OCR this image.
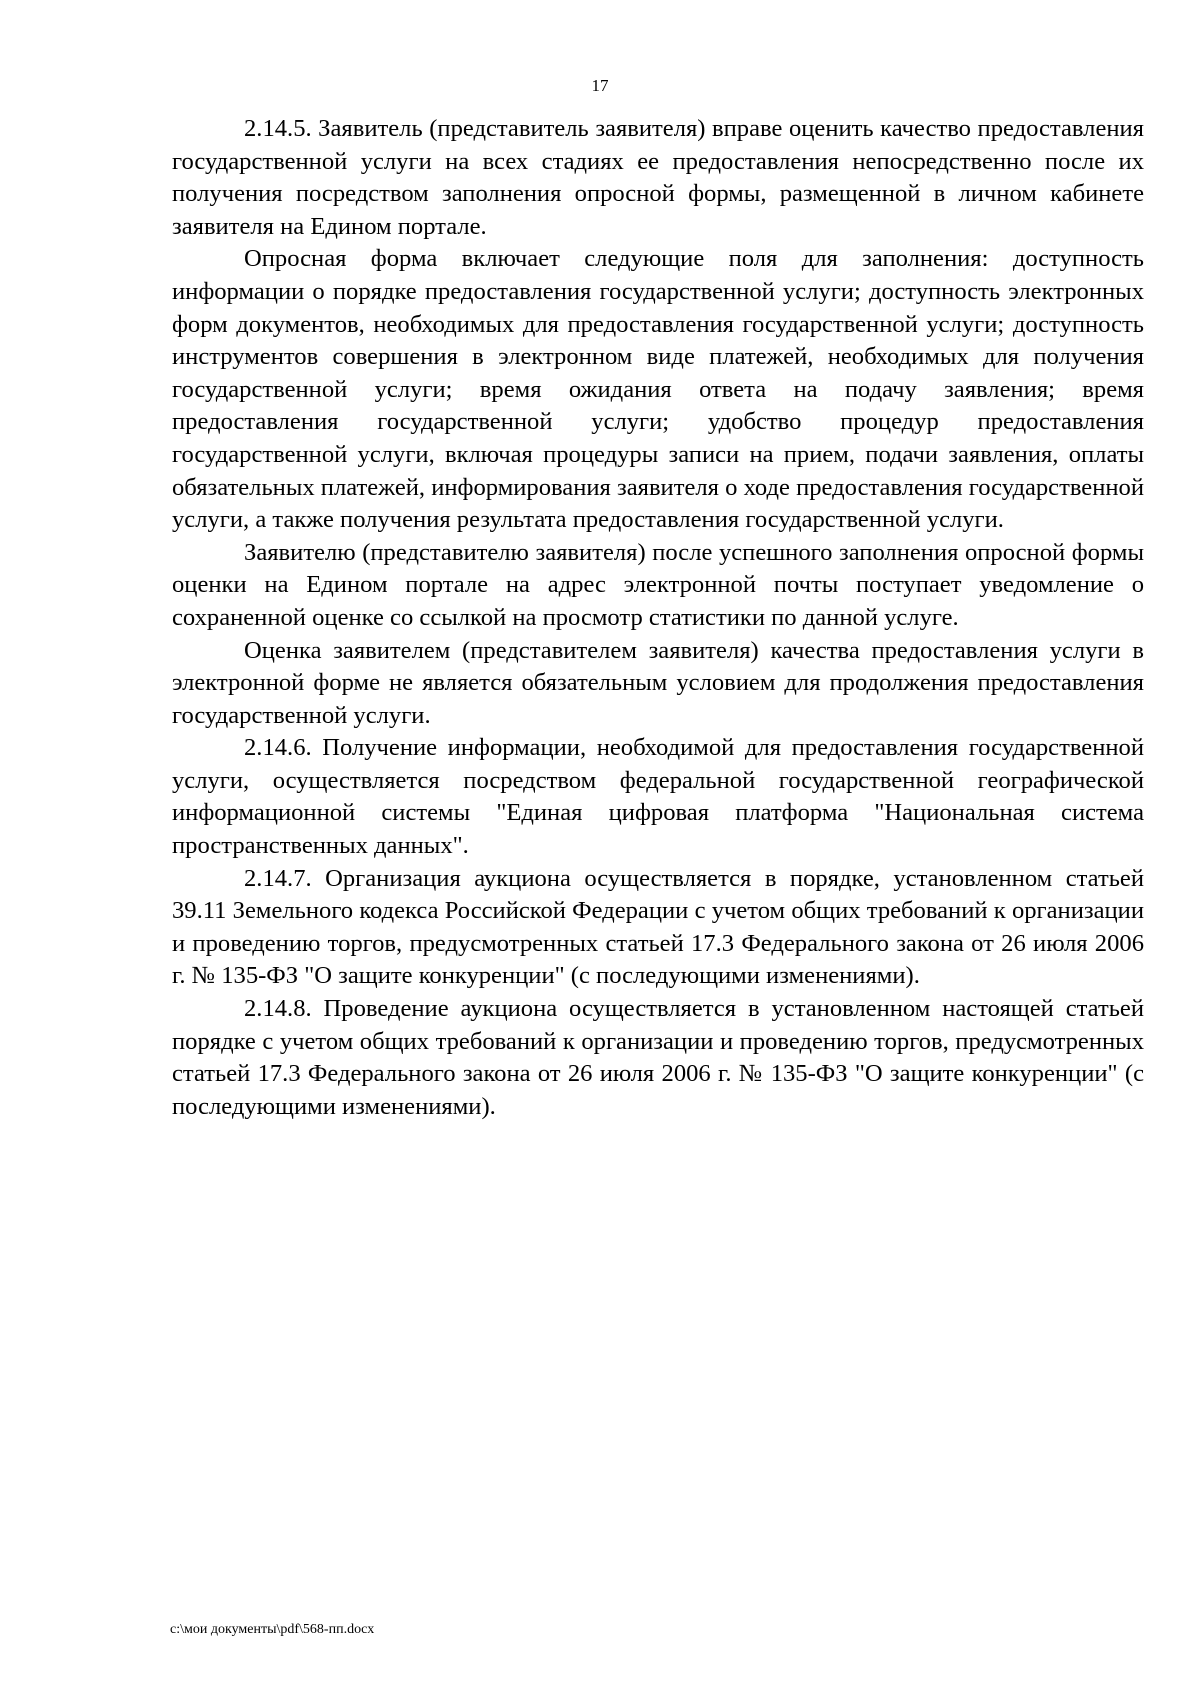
17

2.14.5. Заявитель (представитель заявителя) вправе оценить качество предоставления государственной услуги на всех стадиях ее предоставления непосредственно после их получения посредством заполнения опросной формы, размещенной в личном кабинете заявителя на Едином портале.

Опросная форма включает следующие поля для заполнения: доступность информации о порядке предоставления государственной услуги; доступность электронных форм документов, необходимых для предоставления государственной услуги; доступность инструментов совершения в электронном виде платежей, необходимых для получения государственной услуги; время ожидания ответа на подачу заявления; время предоставления государственной услуги; удобство процедур предоставления государственной услуги, включая процедуры записи на прием, подачи заявления, оплаты обязательных платежей, информирования заявителя о ходе предоставления государственной услуги, а также получения результата предоставления государственной услуги.

Заявителю (представителю заявителя) после успешного заполнения опросной формы оценки на Едином портале на адрес электронной почты поступает уведомление о сохраненной оценке со ссылкой на просмотр статистики по данной услуге.

Оценка заявителем (представителем заявителя) качества предоставления услуги в электронной форме не является обязательным условием для продолжения предоставления государственной услуги.

2.14.6. Получение информации, необходимой для предоставления государственной услуги, осуществляется посредством федеральной государственной географической информационной системы "Единая цифровая платформа "Национальная система пространственных данных".

2.14.7. Организация аукциона осуществляется в порядке, установленном статьей 39.11 Земельного кодекса Российской Федерации с учетом общих требований к организации и проведению торгов, предусмотренных статьей 17.3 Федерального закона от 26 июля 2006 г. № 135-ФЗ "О защите конкуренции" (с последующими изменениями).

2.14.8. Проведение аукциона осуществляется в установленном настоящей статьей порядке с учетом общих требований к организации и проведению торгов, предусмотренных статьей 17.3 Федерального закона от 26 июля 2006 г. № 135-ФЗ "О защите конкуренции" (с последующими изменениями).

c:\мои документы\pdf\568-пп.docx
